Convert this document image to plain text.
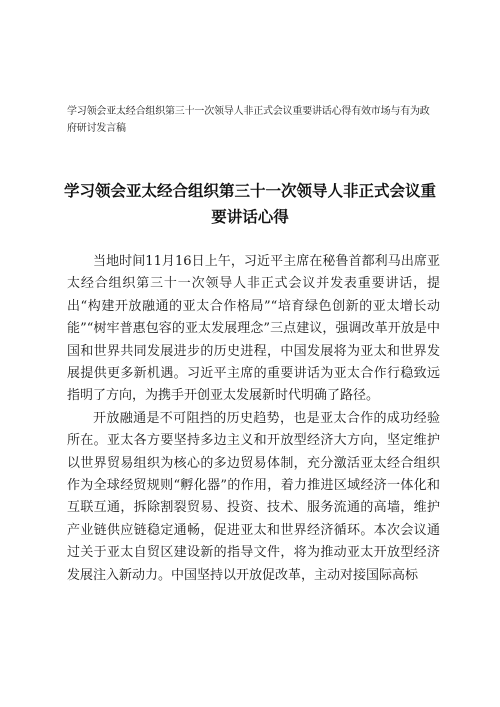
学习领会亚太经合组织第三十一次领导人非正式会议重要讲话心得有效市场与有为政府研讨发言稿
学习领会亚太经合组织第三十一次领导人非正式会议重要讲话心得

当地时间11月16日上午，习近平主席在秘鲁首都利马出席亚太经合组织第三十一次领导人非正式会议并发表重要讲话，提出“构建开放融通的亚太合作格局”“培育绿色创新的亚太增长动能”“树牢普惠包容的亚太发展理念”三点建议，强调改革开放是中国和世界共同发展进步的历史进程，中国发展将为亚太和世界发展提供更多新机遇。习近平主席的重要讲话为亚太合作行稳致远指明了方向，为携手开创亚太发展新时代明确了路径。

开放融通是不可阻挡的历史趋势，也是亚太合作的成功经验所在。亚太各方要坚持多边主义和开放型经济大方向，坚定维护以世界贸易组织为核心的多边贸易体制，充分激活亚太经合组织作为全球经贸规则“孵化器”的作用，着力推进区域经济一体化和互联互通，拆除割裂贸易、投资、技术、服务流通的高墙，维护产业链供应链稳定通畅，促进亚太和世界经济循环。本次会议通过关于亚太自贸区建设新的指导文件，将为推动亚太开放型经济发展注入新动力。中国坚持以开放促改革，主动对接国际高标
